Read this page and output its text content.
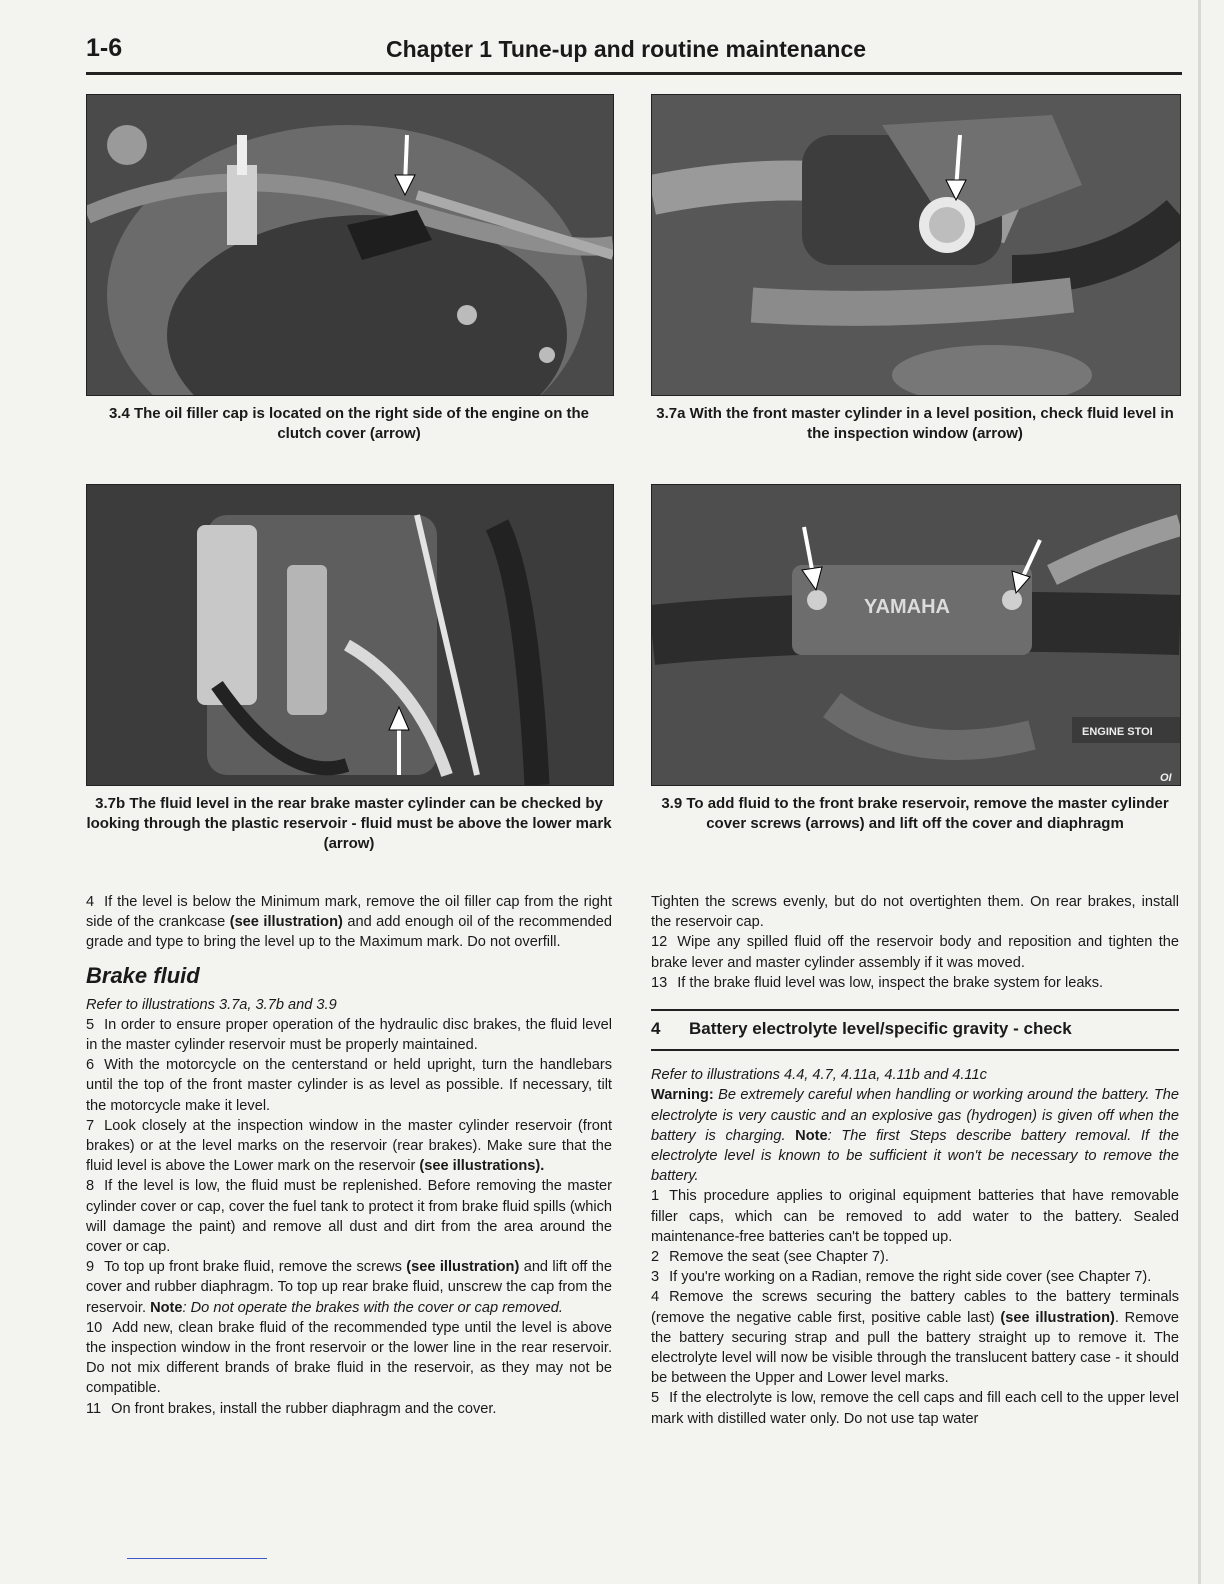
1-6	Chapter 1 Tune-up and routine maintenance
3.4 The oil filler cap is located on the right side of the engine on the clutch cover (arrow)
3.7a With the front master cylinder in a level position, check fluid level in the inspection window (arrow)
3.7b The fluid level in the rear brake master cylinder can be checked by looking through the plastic reservoir - fluid must be above the lower mark (arrow)
YAMAHA
ENGINE STOI
OI
3.9 To add fluid to the front brake reservoir, remove the master cylinder cover screws (arrows) and lift off the cover and diaphragm

4 If the level is below the Minimum mark, remove the oil filler cap from the right side of the crankcase (see illustration) and add enough oil of the recommended grade and type to bring the level up to the Maximum mark. Do not overfill.

Brake fluid

Refer to illustrations 3.7a, 3.7b and 3.9

5 In order to ensure proper operation of the hydraulic disc brakes, the fluid level in the master cylinder reservoir must be properly maintained.

6 With the motorcycle on the centerstand or held upright, turn the handlebars until the top of the front master cylinder is as level as possible. If necessary, tilt the motorcycle make it level.

7 Look closely at the inspection window in the master cylinder reservoir (front brakes) or at the level marks on the reservoir (rear brakes). Make sure that the fluid level is above the Lower mark on the reservoir (see illustrations).

8 If the level is low, the fluid must be replenished. Before removing the master cylinder cover or cap, cover the fuel tank to protect it from brake fluid spills (which will damage the paint) and remove all dust and dirt from the area around the cover or cap.

9 To top up front brake fluid, remove the screws (see illustration) and lift off the cover and rubber diaphragm. To top up rear brake fluid, unscrew the cap from the reservoir. Note: Do not operate the brakes with the cover or cap removed.

10 Add new, clean brake fluid of the recommended type until the level is above the inspection window in the front reservoir or the lower line in the rear reservoir. Do not mix different brands of brake fluid in the reservoir, as they may not be compatible.

11 On front brakes, install the rubber diaphragm and the cover.

Tighten the screws evenly, but do not overtighten them. On rear brakes, install the reservoir cap.

12 Wipe any spilled fluid off the reservoir body and reposition and tighten the brake lever and master cylinder assembly if it was moved.

13 If the brake fluid level was low, inspect the brake system for leaks.

4 Battery electrolyte level/specific gravity - check

Refer to illustrations 4.4, 4.7, 4.11a, 4.11b and 4.11c

Warning: Be extremely careful when handling or working around the battery. The electrolyte is very caustic and an explosive gas (hydrogen) is given off when the battery is charging. Note: The first Steps describe battery removal. If the electrolyte level is known to be sufficient it won't be necessary to remove the battery.

1 This procedure applies to original equipment batteries that have removable filler caps, which can be removed to add water to the battery. Sealed maintenance-free batteries can't be topped up.

2 Remove the seat (see Chapter 7).

3 If you're working on a Radian, remove the right side cover (see Chapter 7).

4 Remove the screws securing the battery cables to the battery terminals (remove the negative cable first, positive cable last) (see illustration). Remove the battery securing strap and pull the battery straight up to remove it. The electrolyte level will now be visible through the translucent battery case - it should be between the Upper and Lower level marks.

5 If the electrolyte is low, remove the cell caps and fill each cell to the upper level mark with distilled water only. Do not use tap water
